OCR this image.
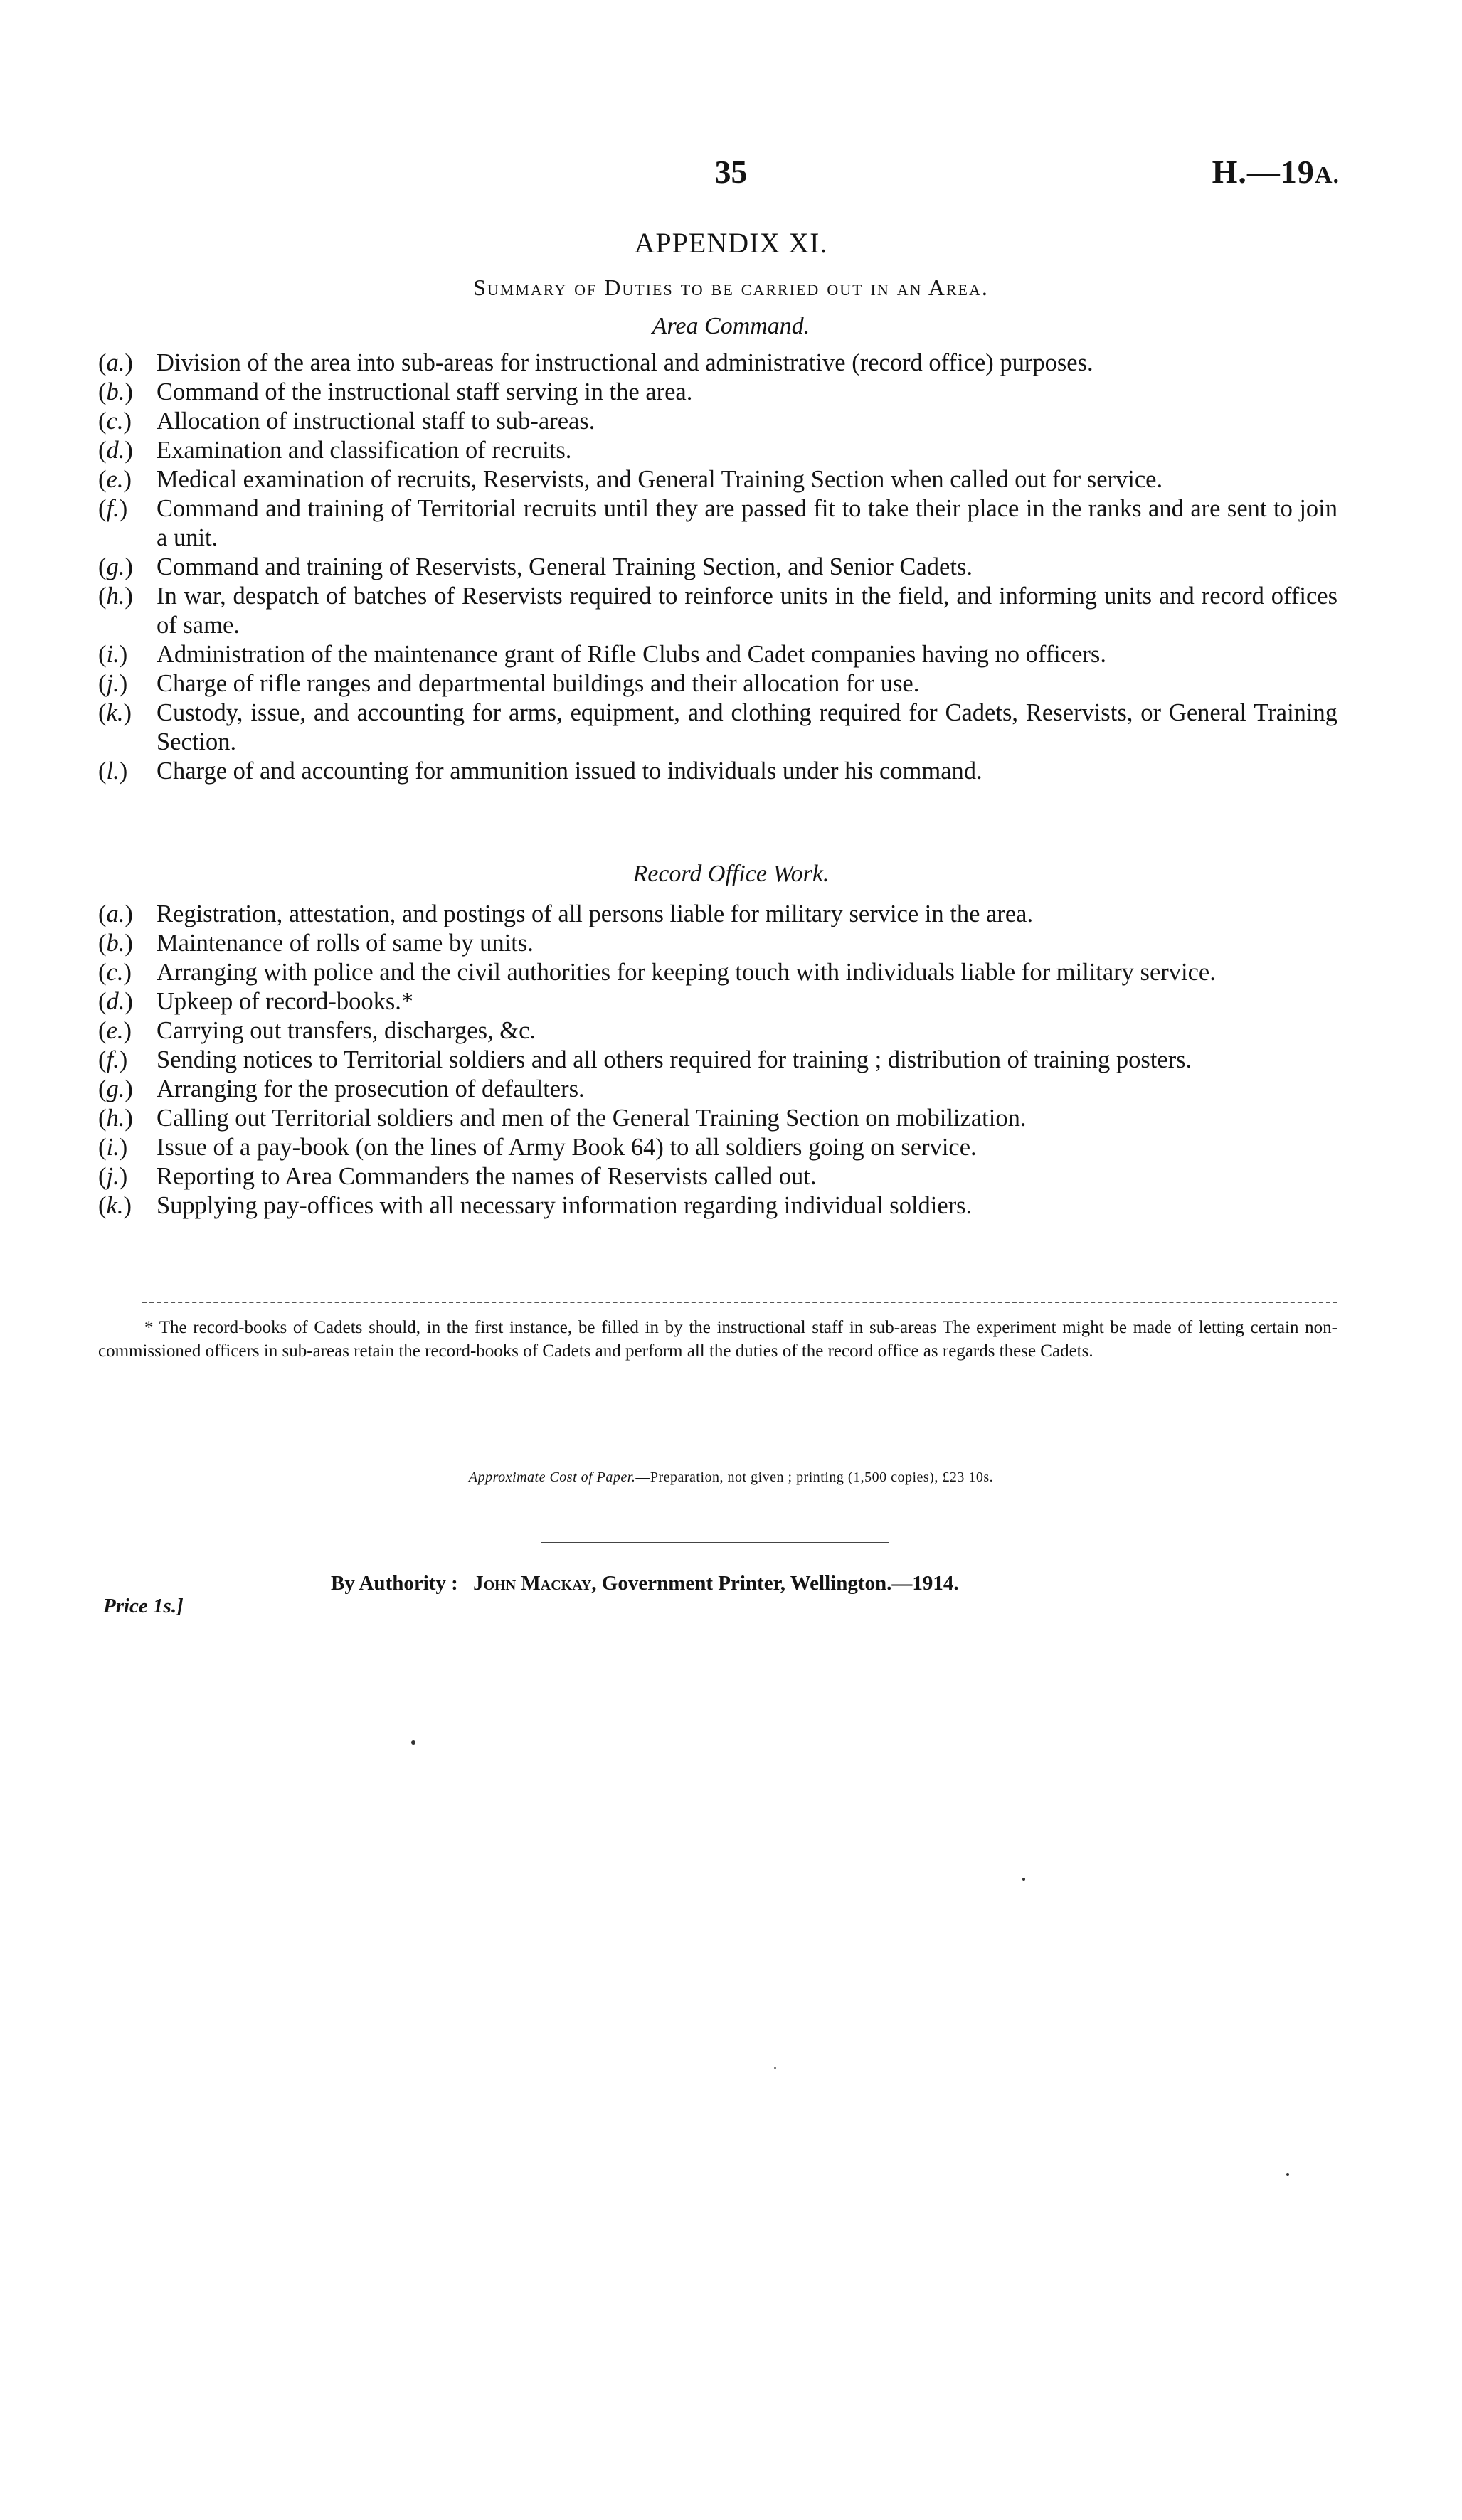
35	H.—19A.
APPENDIX XI.
Summary of Duties to be carried out in an Area.
Area Command.
(a.) Division of the area into sub-areas for instructional and administrative (record office) purposes.
(b.) Command of the instructional staff serving in the area.
(c.) Allocation of instructional staff to sub-areas.
(d.) Examination and classification of recruits.
(e.) Medical examination of recruits, Reservists, and General Training Section when called out for service.
(f.) Command and training of Territorial recruits until they are passed fit to take their place in the ranks and are sent to join a unit.
(g.) Command and training of Reservists, General Training Section, and Senior Cadets.
(h.) In war, despatch of batches of Reservists required to reinforce units in the field, and informing units and record offices of same.
(i.) Administration of the maintenance grant of Rifle Clubs and Cadet companies having no officers.
(j.) Charge of rifle ranges and departmental buildings and their allocation for use.
(k.) Custody, issue, and accounting for arms, equipment, and clothing required for Cadets, Reservists, or General Training Section.
(l.) Charge of and accounting for ammunition issued to individuals under his command.
Record Office Work.
(a.) Registration, attestation, and postings of all persons liable for military service in the area.
(b.) Maintenance of rolls of same by units.
(c.) Arranging with police and the civil authorities for keeping touch with individuals liable for military service.
(d.) Upkeep of record-books.*
(e.) Carrying out transfers, discharges, &c.
(f.) Sending notices to Territorial soldiers and all others required for training ; distribution of training posters.
(g.) Arranging for the prosecution of defaulters.
(h.) Calling out Territorial soldiers and men of the General Training Section on mobilization.
(i.) Issue of a pay-book (on the lines of Army Book 64) to all soldiers going on service.
(j.) Reporting to Area Commanders the names of Reservists called out.
(k.) Supplying pay-offices with all necessary information regarding individual soldiers.

* The record-books of Cadets should, in the first instance, be filled in by the instructional staff in sub-areas The experiment might be made of letting certain non-commissioned officers in sub-areas retain the record-books of Cadets and perform all the duties of the record office as regards these Cadets.

Approximate Cost of Paper.—Preparation, not given ; printing (1,500 copies), £23 10s.
By Authority : John Mackay, Government Printer, Wellington.—1914.
Price 1s.]
